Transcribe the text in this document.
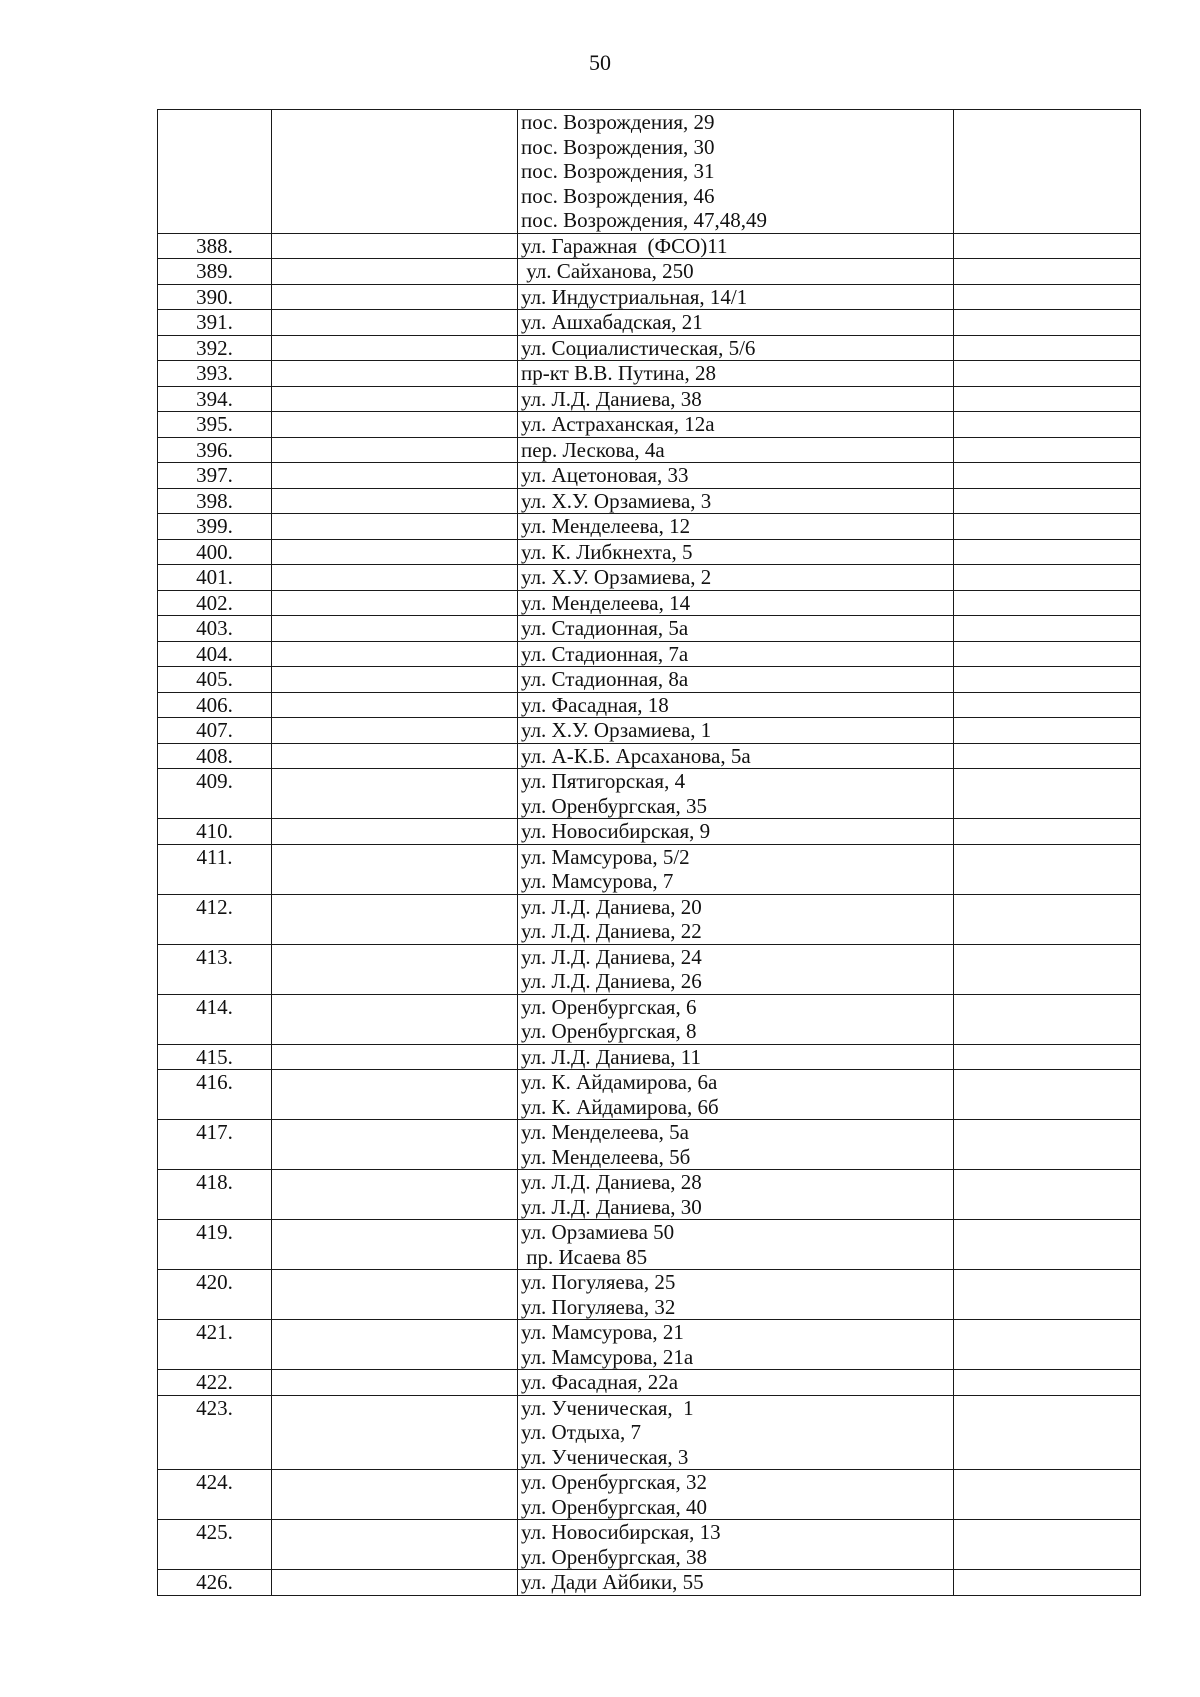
50

		пос. Возрождения, 29
пос. Возрождения, 30
пос. Возрождения, 31
пос. Возрождения, 46
пос. Возрождения, 47,48,49	

388.		ул. Гаражная  (ФСО)11	

389.		ул. Сайханова, 250	

390.		ул. Индустриальная, 14/1	

391.		ул. Ашхабадская, 21	

392.		ул. Социалистическая, 5/6	

393.		пр-кт В.В. Путина, 28	

394.		ул. Л.Д. Даниева, 38	

395.		ул. Астраханская, 12а	

396.		пер. Лескова, 4а	

397.		ул. Ацетоновая, 33	

398.		ул. Х.У. Орзамиева, 3	

399.		ул. Менделеева, 12	

400.		ул. К. Либкнехта, 5	

401.		ул. Х.У. Орзамиева, 2	

402.		ул. Менделеева, 14	

403.		ул. Стадионная, 5а	

404.		ул. Стадионная, 7а	

405.		ул. Стадионная, 8а	

406.		ул. Фасадная, 18	

407.		ул. Х.У. Орзамиева, 1	

408.		ул. А-К.Б. Арсаханова, 5а	

409.		ул. Пятигорская, 4
ул. Оренбургская, 35	

410.		ул. Новосибирская, 9	

411.		ул. Мамсурова, 5/2
ул. Мамсурова, 7	

412.		ул. Л.Д. Даниева, 20
ул. Л.Д. Даниева, 22	

413.		ул. Л.Д. Даниева, 24
ул. Л.Д. Даниева, 26	

414.		ул. Оренбургская, 6
ул. Оренбургская, 8	

415.		ул. Л.Д. Даниева, 11	

416.		ул. К. Айдамирова, 6а
ул. К. Айдамирова, 6б	

417.		ул. Менделеева, 5а
ул. Менделеева, 5б	

418.		ул. Л.Д. Даниева, 28
ул. Л.Д. Даниева, 30	

419.		ул. Орзамиева 50
пр. Исаева 85	

420.		ул. Погуляева, 25
ул. Погуляева, 32	

421.		ул. Мамсурова, 21
ул. Мамсурова, 21а	

422.		ул. Фасадная, 22а	

423.		ул. Ученическая,  1
ул. Отдыха, 7
ул. Ученическая, 3	

424.		ул. Оренбургская, 32
ул. Оренбургская, 40	

425.		ул. Новосибирская, 13
ул. Оренбургская, 38	

426.		ул. Дади Айбики, 55	
